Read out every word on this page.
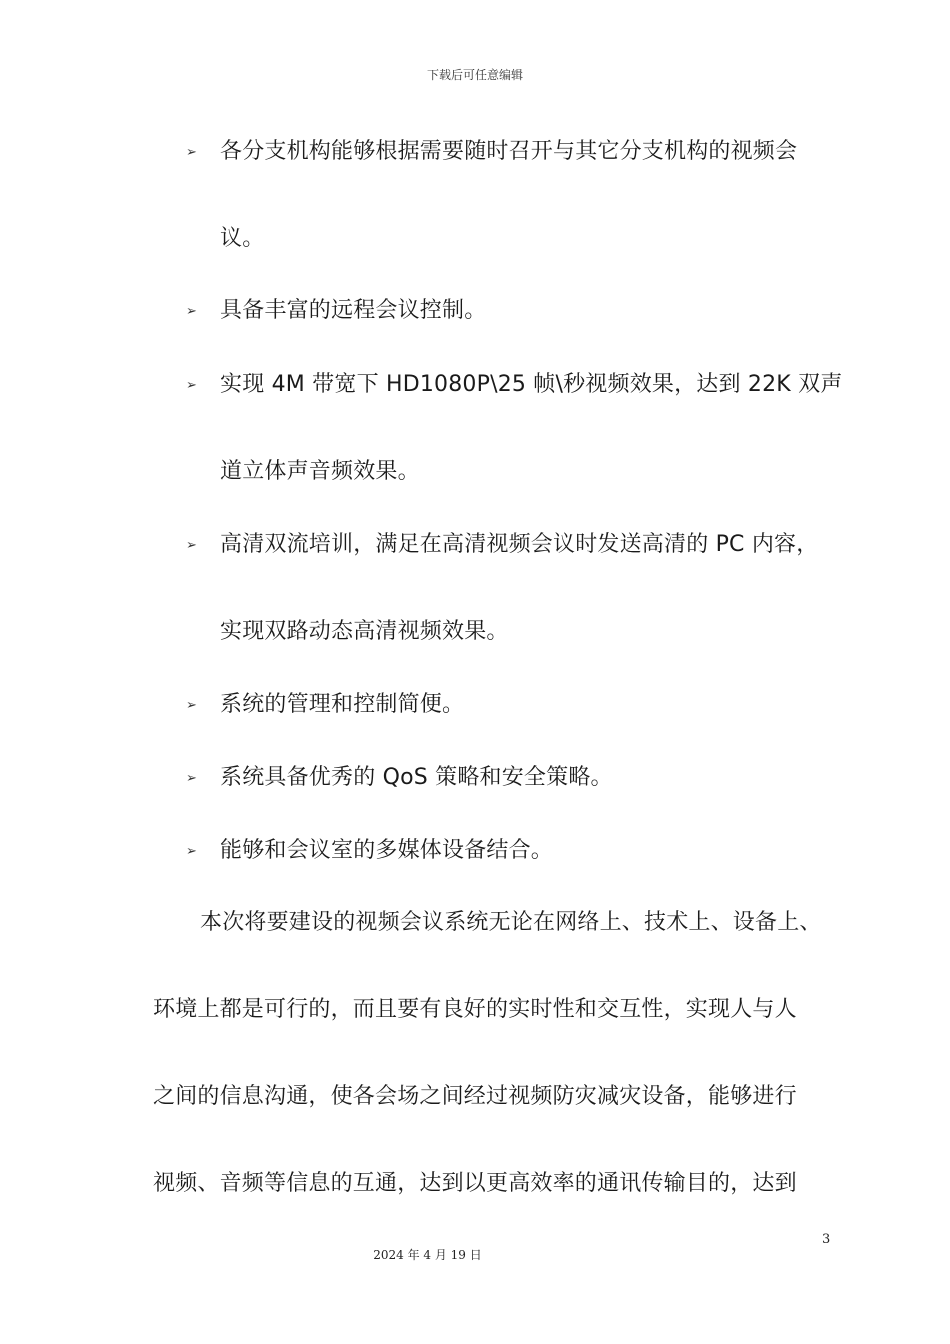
下载后可任意编辑
➢ 各分支机构能够根据需要随时召开与其它分支机构的视频会
议。
➢ 具备丰富的远程会议控制。
➢ 实现 4M 带宽下 HD1080P\25 帧\秒视频效果，达到 22K 双声
道立体声音频效果。
➢ 高清双流培训，满足在高清视频会议时发送高清的 PC 内容，
实现双路动态高清视频效果。
➢ 系统的管理和控制简便。
➢ 系统具备优秀的 QoS 策略和安全策略。
➢ 能够和会议室的多媒体设备结合。
本次将要建设的视频会议系统无论在网络上、技术上、设备上、
环境上都是可行的，而且要有良好的实时性和交互性，实现人与人
之间的信息沟通，使各会场之间经过视频防灾减灾设备，能够进行
视频、音频等信息的互通，达到以更高效率的通讯传输目的，达到
3
2024 年 4 月 19 日
